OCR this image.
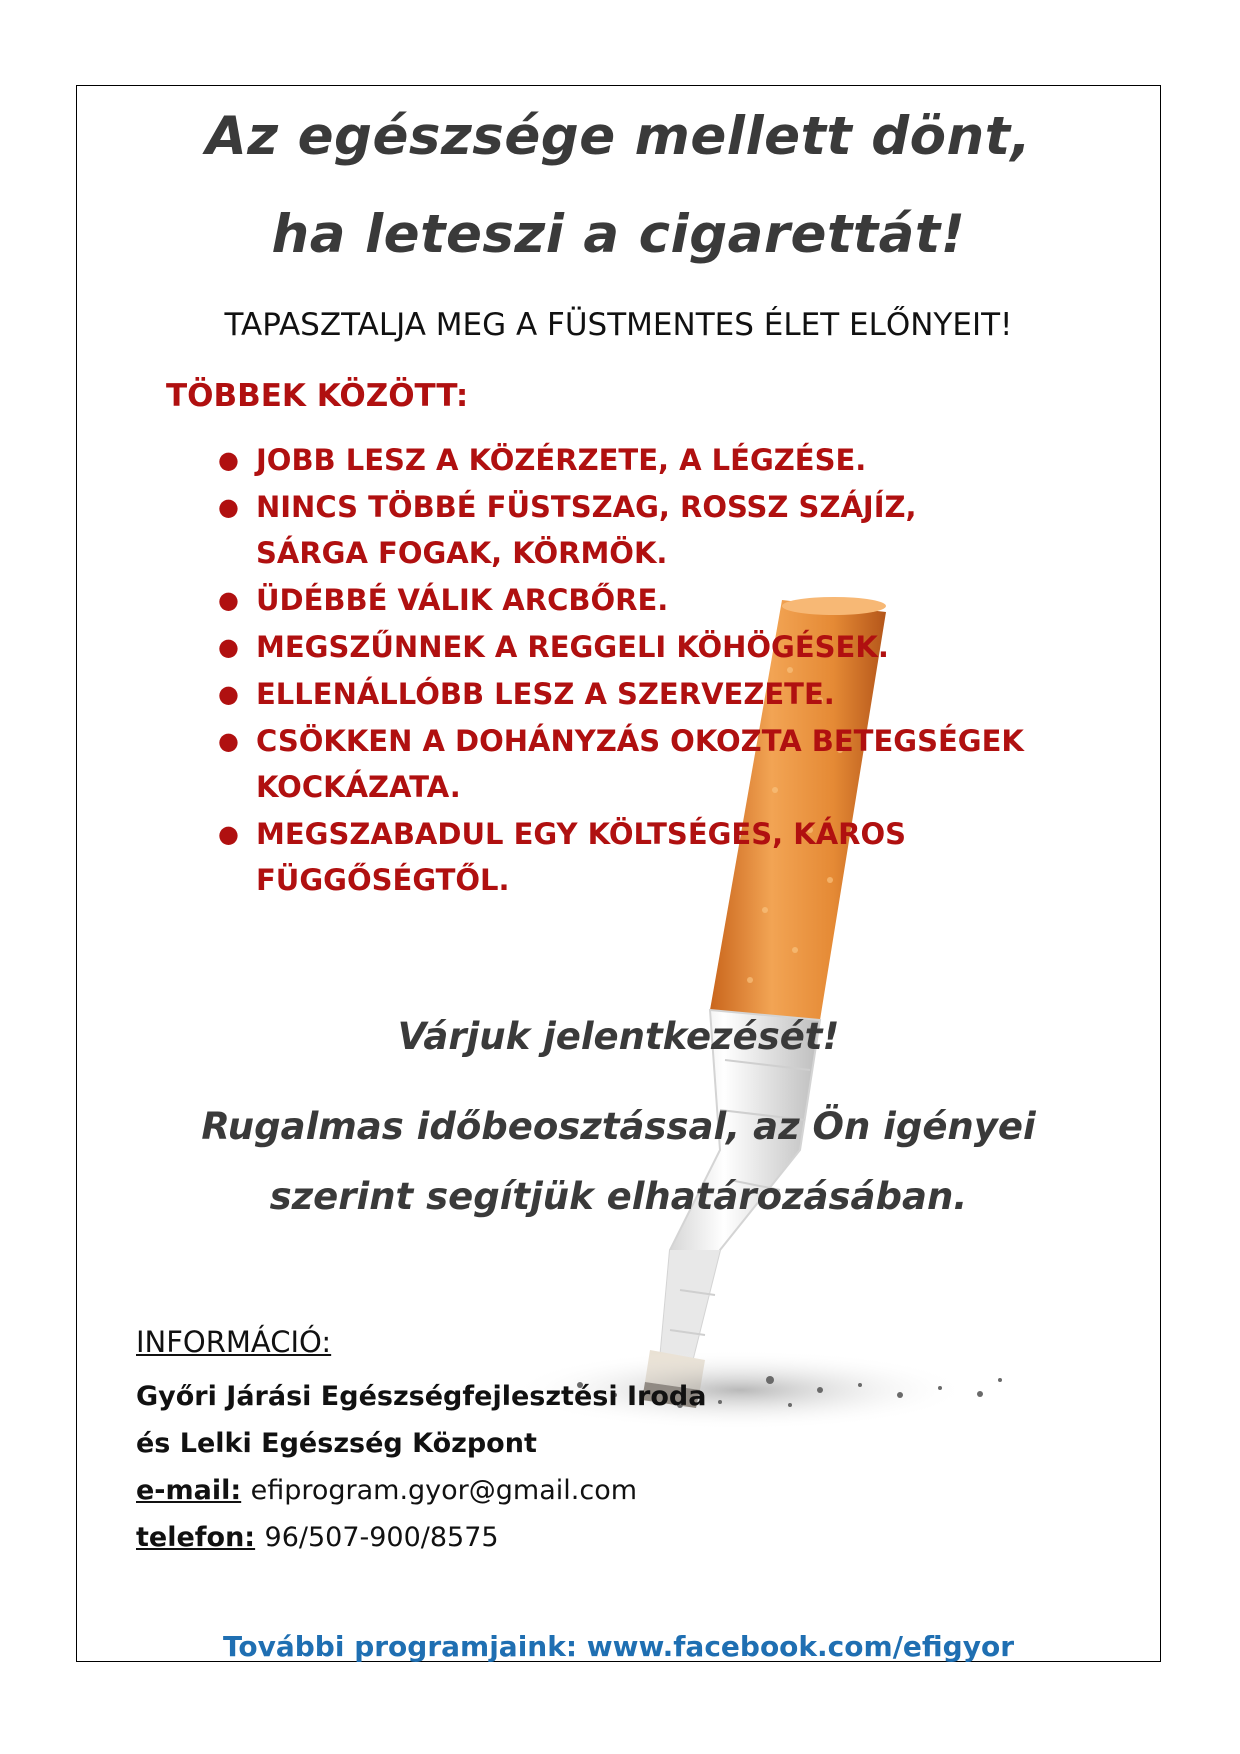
Az egészsége mellett dönt,
ha leteszi a cigarettát!
TAPASZTALJA MEG A FÜSTMENTES ÉLET ELŐNYEIT!
TÖBBEK KÖZÖTT:
● JOBB LESZ A KÖZÉRZETE, A LÉGZÉSE.
● NINCS TÖBBÉ FÜSTSZAG, ROSSZ SZÁJÍZ,
SÁRGA FOGAK, KÖRMÖK.
● ÜDÉBBÉ VÁLIK ARCBŐRE.
● MEGSZŰNNEK A REGGELI KÖHÖGÉSEK.
● ELLENÁLLÓBB LESZ A SZERVEZETE.
● CSÖKKEN A DOHÁNYZÁS OKOZTA BETEGSÉGEK
KOCKÁZATA.
● MEGSZABADUL EGY KÖLTSÉGES, KÁROS
FÜGGŐSÉGTŐL.
Várjuk jelentkezését!
Rugalmas időbeosztással, az Ön igényei
szerint segítjük elhatározásában.
INFORMÁCIÓ:
Győri Járási Egészségfejlesztési Iroda
és Lelki Egészség Központ
e-mail: efiprogram.gyor@gmail.com
telefon: 96/507-900/8575
További programjaink: www.facebook.com/efigyor
